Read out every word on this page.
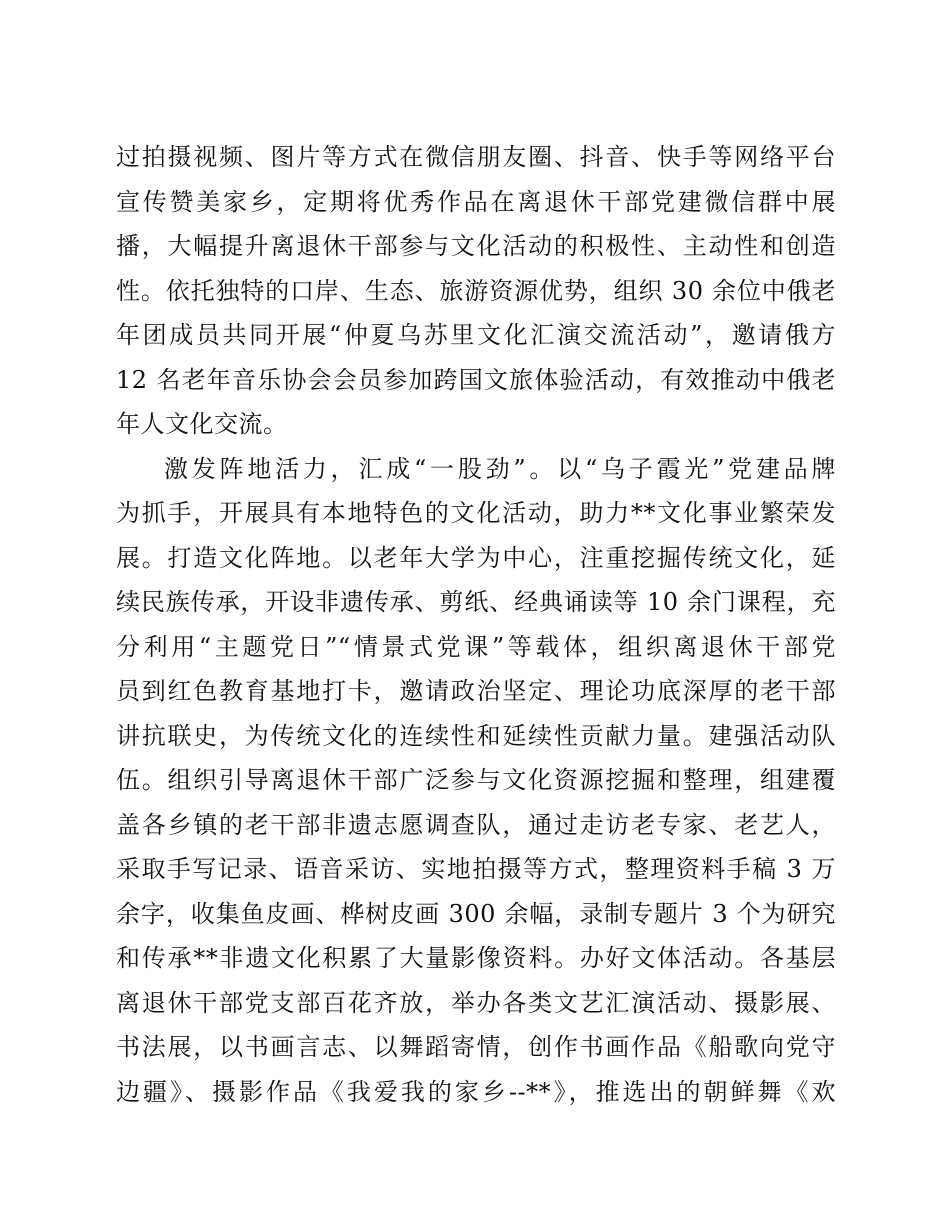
过拍摄视频、图片等方式在微信朋友圈、抖音、快手等网络平台
宣传赞美家乡，定期将优秀作品在离退休干部党建微信群中展
播，大幅提升离退休干部参与文化活动的积极性、主动性和创造
性。依托独特的口岸、生态、旅游资源优势，组织 30 余位中俄老
年团成员共同开展“仲夏乌苏里文化汇演交流活动”，邀请俄方
12 名老年音乐协会会员参加跨国文旅体验活动，有效推动中俄老
年人文化交流。
激发阵地活力，汇成“一股劲”。以“乌子霞光”党建品牌
为抓手，开展具有本地特色的文化活动，助力**文化事业繁荣发
展。打造文化阵地。以老年大学为中心，注重挖掘传统文化，延
续民族传承，开设非遗传承、剪纸、经典诵读等 10 余门课程，充
分利用“主题党日”“情景式党课”等载体，组织离退休干部党
员到红色教育基地打卡，邀请政治坚定、理论功底深厚的老干部
讲抗联史，为传统文化的连续性和延续性贡献力量。建强活动队
伍。组织引导离退休干部广泛参与文化资源挖掘和整理，组建覆
盖各乡镇的老干部非遗志愿调查队，通过走访老专家、老艺人，
采取手写记录、语音采访、实地拍摄等方式，整理资料手稿 3 万
余字，收集鱼皮画、桦树皮画 300 余幅，录制专题片 3 个为研究
和传承**非遗文化积累了大量影像资料。办好文体活动。各基层
离退休干部党支部百花齐放，举办各类文艺汇演活动、摄影展、
书法展，以书画言志、以舞蹈寄情，创作书画作品《船歌向党守
边疆》、摄影作品《我爱我的家乡--**》，推选出的朝鲜舞《欢
